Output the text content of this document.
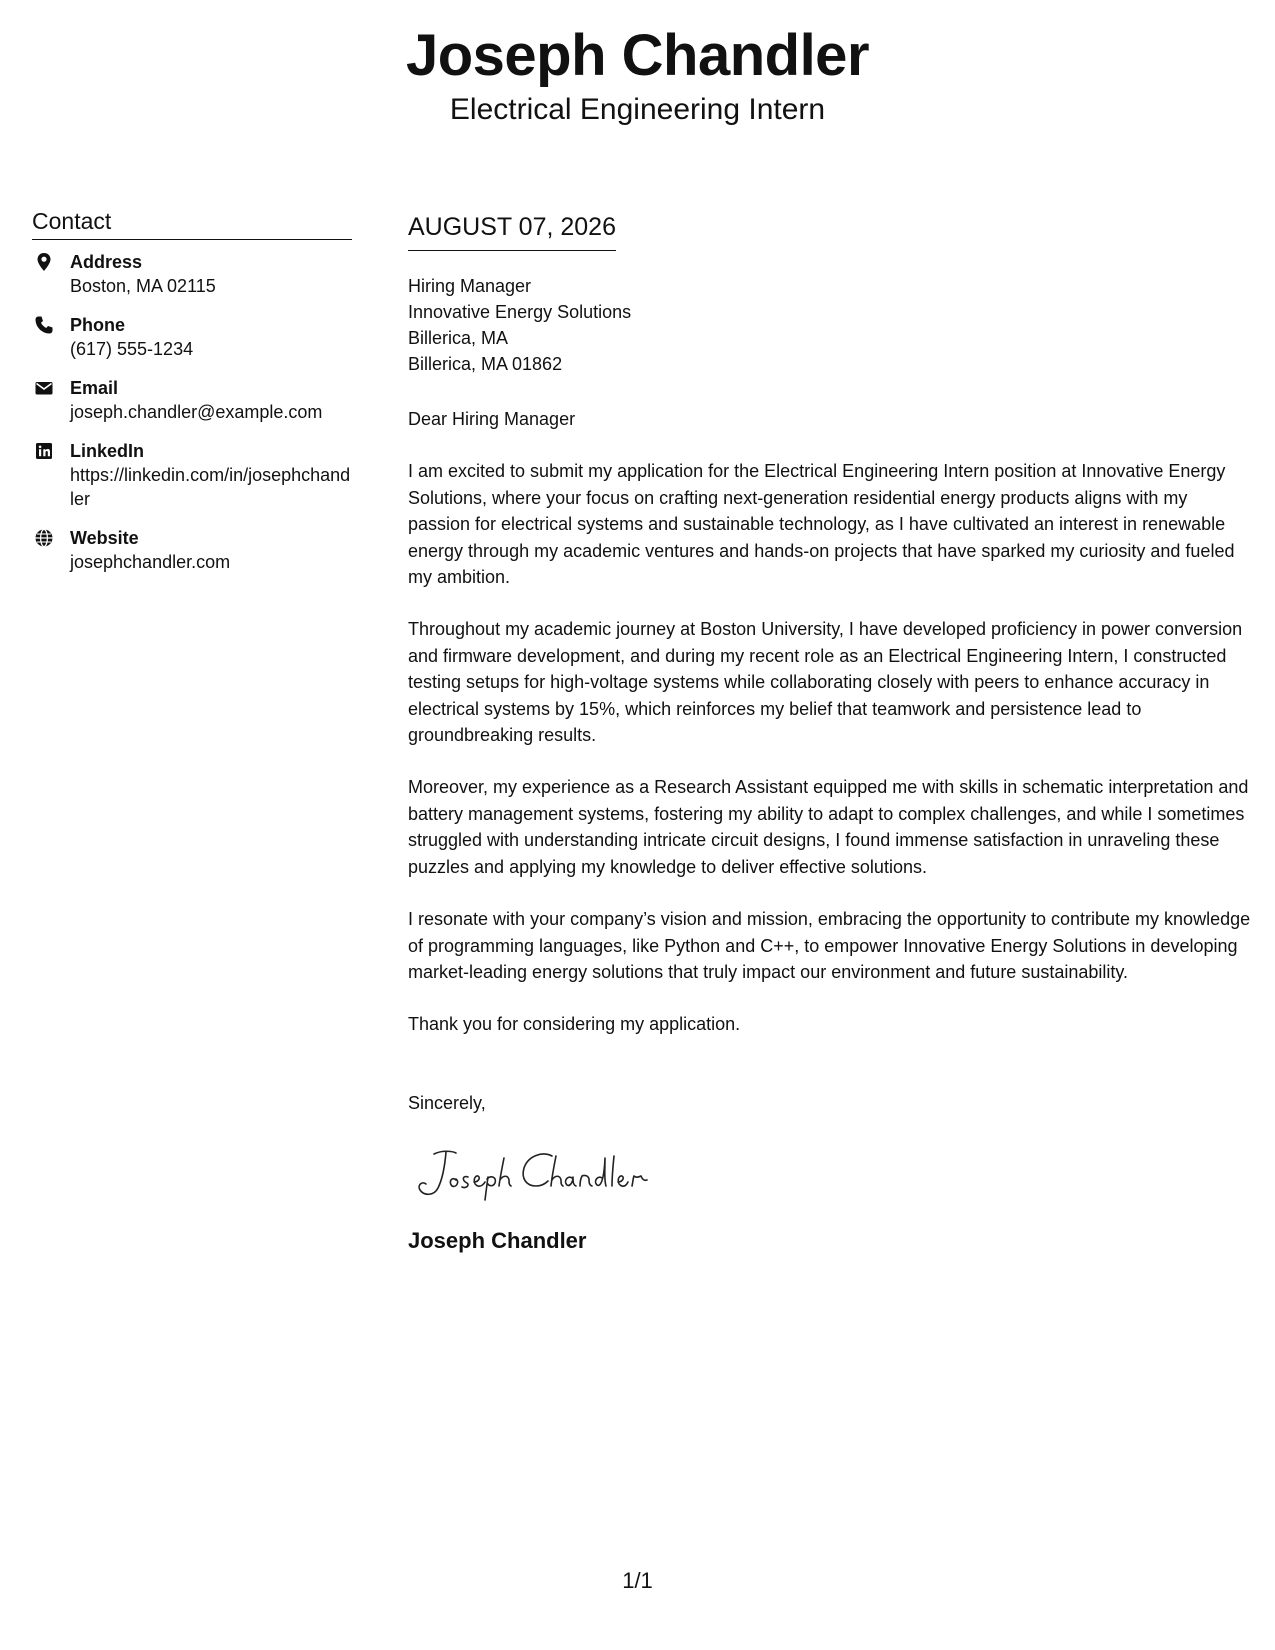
Joseph Chandler
Electrical Engineering Intern
Contact
Address
Boston, MA 02115
Phone
(617) 555-1234
Email
joseph.chandler@example.com
LinkedIn
https://linkedin.com/in/josephchandler
Website
josephchandler.com
AUGUST 07, 2026
Hiring Manager
Innovative Energy Solutions
Billerica, MA
Billerica, MA 01862
Dear Hiring Manager

I am excited to submit my application for the Electrical Engineering Intern position at Innovative Energy Solutions, where your focus on crafting next-generation residential energy products aligns with my passion for electrical systems and sustainable technology, as I have cultivated an interest in renewable energy through my academic ventures and hands-on projects that have sparked my curiosity and fueled my ambition.

Throughout my academic journey at Boston University, I have developed proficiency in power conversion and firmware development, and during my recent role as an Electrical Engineering Intern, I constructed testing setups for high-voltage systems while collaborating closely with peers to enhance accuracy in electrical systems by 15%, which reinforces my belief that teamwork and persistence lead to groundbreaking results.

Moreover, my experience as a Research Assistant equipped me with skills in schematic interpretation and battery management systems, fostering my ability to adapt to complex challenges, and while I sometimes struggled with understanding intricate circuit designs, I found immense satisfaction in unraveling these puzzles and applying my knowledge to deliver effective solutions.

I resonate with your company’s vision and mission, embracing the opportunity to contribute my knowledge of programming languages, like Python and C++, to empower Innovative Energy Solutions in developing market-leading energy solutions that truly impact our environment and future sustainability.

Thank you for considering my application.

Sincerely,
Joseph Chandler
1/1
